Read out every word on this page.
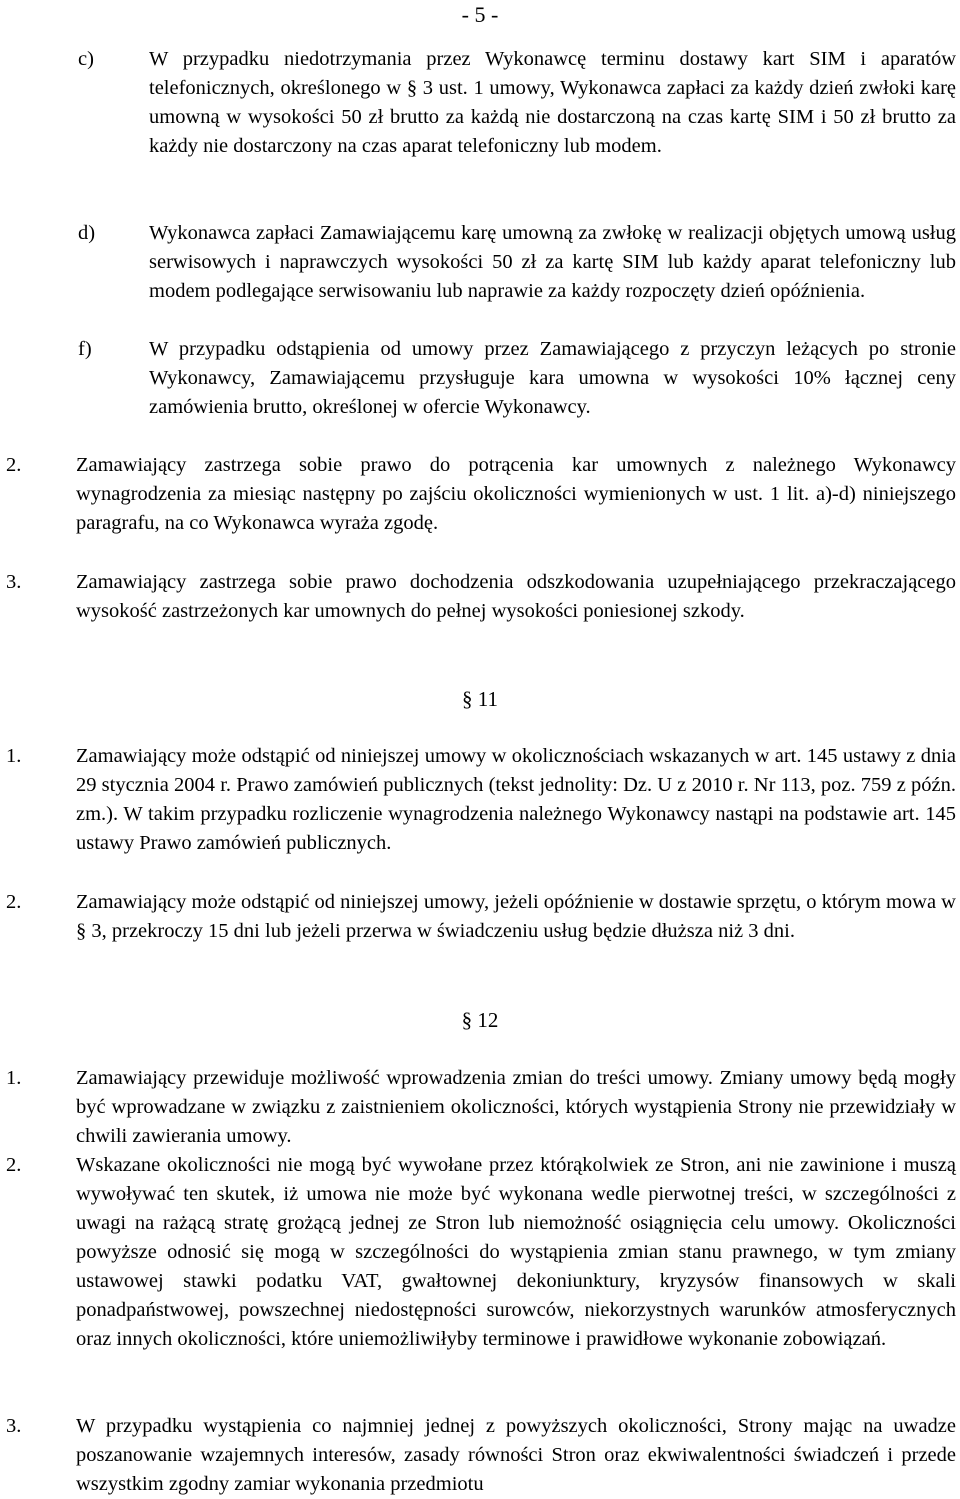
- 5 -
c)	W przypadku niedotrzymania przez Wykonawcę terminu dostawy kart SIM i aparatów telefonicznych, określonego w § 3 ust. 1 umowy, Wykonawca zapłaci za każdy dzień zwłoki karę umowną w wysokości 50 zł brutto za każdą nie dostarczoną na czas kartę SIM i 50 zł brutto za każdy nie dostarczony na czas aparat telefoniczny lub modem.
d)	Wykonawca zapłaci Zamawiającemu karę umowną za zwłokę w realizacji objętych umową usług serwisowych i naprawczych wysokości 50 zł za kartę SIM lub każdy aparat telefoniczny lub modem podlegające serwisowaniu lub naprawie za każdy rozpoczęty dzień opóźnienia.
f)	W przypadku odstąpienia od umowy przez Zamawiającego z przyczyn leżących po stronie Wykonawcy, Zamawiającemu przysługuje kara umowna w wysokości 10% łącznej ceny zamówienia brutto, określonej w ofercie Wykonawcy.
2.	Zamawiający zastrzega sobie prawo do potrącenia kar umownych z należnego Wykonawcy wynagrodzenia za miesiąc następny po zajściu okoliczności wymienionych w ust. 1 lit. a)-d) niniejszego paragrafu, na co Wykonawca wyraża zgodę.
3.	Zamawiający zastrzega sobie prawo dochodzenia odszkodowania uzupełniającego przekraczającego wysokość zastrzeżonych kar umownych do pełnej wysokości poniesionej szkody.
§ 11
1.	Zamawiający może odstąpić od niniejszej umowy w okolicznościach wskazanych w art. 145 ustawy z dnia 29 stycznia 2004 r. Prawo zamówień publicznych (tekst jednolity: Dz. U z 2010 r. Nr 113, poz. 759 z późn. zm.). W takim przypadku rozliczenie wynagrodzenia należnego Wykonawcy nastąpi na podstawie art. 145 ustawy Prawo zamówień publicznych.
2.	Zamawiający może odstąpić od niniejszej umowy, jeżeli opóźnienie w dostawie sprzętu, o którym mowa w § 3, przekroczy 15 dni lub jeżeli przerwa w świadczeniu usług będzie dłuższa niż 3 dni.
§ 12
1.	Zamawiający przewiduje możliwość wprowadzenia zmian do treści umowy. Zmiany umowy będą mogły być wprowadzane w związku z zaistnieniem okoliczności, których wystąpienia Strony nie przewidziały w chwili zawierania umowy.
2.	Wskazane okoliczności nie mogą być wywołane przez którąkolwiek ze Stron, ani nie zawinione i muszą wywoływać ten skutek, iż umowa nie może być wykonana wedle pierwotnej treści, w szczególności z uwagi na rażącą stratę grożącą jednej ze Stron lub niemożność osiągnięcia celu umowy. Okoliczności powyższe odnosić się mogą w szczególności do wystąpienia zmian stanu prawnego, w tym zmiany ustawowej stawki podatku VAT, gwałtownej dekoniunktury, kryzysów finansowych w skali ponadpaństwowej, powszechnej niedostępności surowców, niekorzystnych warunków atmosferycznych oraz innych okoliczności, które uniemożliwiłyby terminowe i prawidłowe wykonanie zobowiązań.
3.	W przypadku wystąpienia co najmniej jednej z powyższych okoliczności, Strony mając na uwadze poszanowanie wzajemnych interesów, zasady równości Stron oraz ekwiwalentności świadczeń i przede wszystkim zgodny zamiar wykonania przedmiotu
